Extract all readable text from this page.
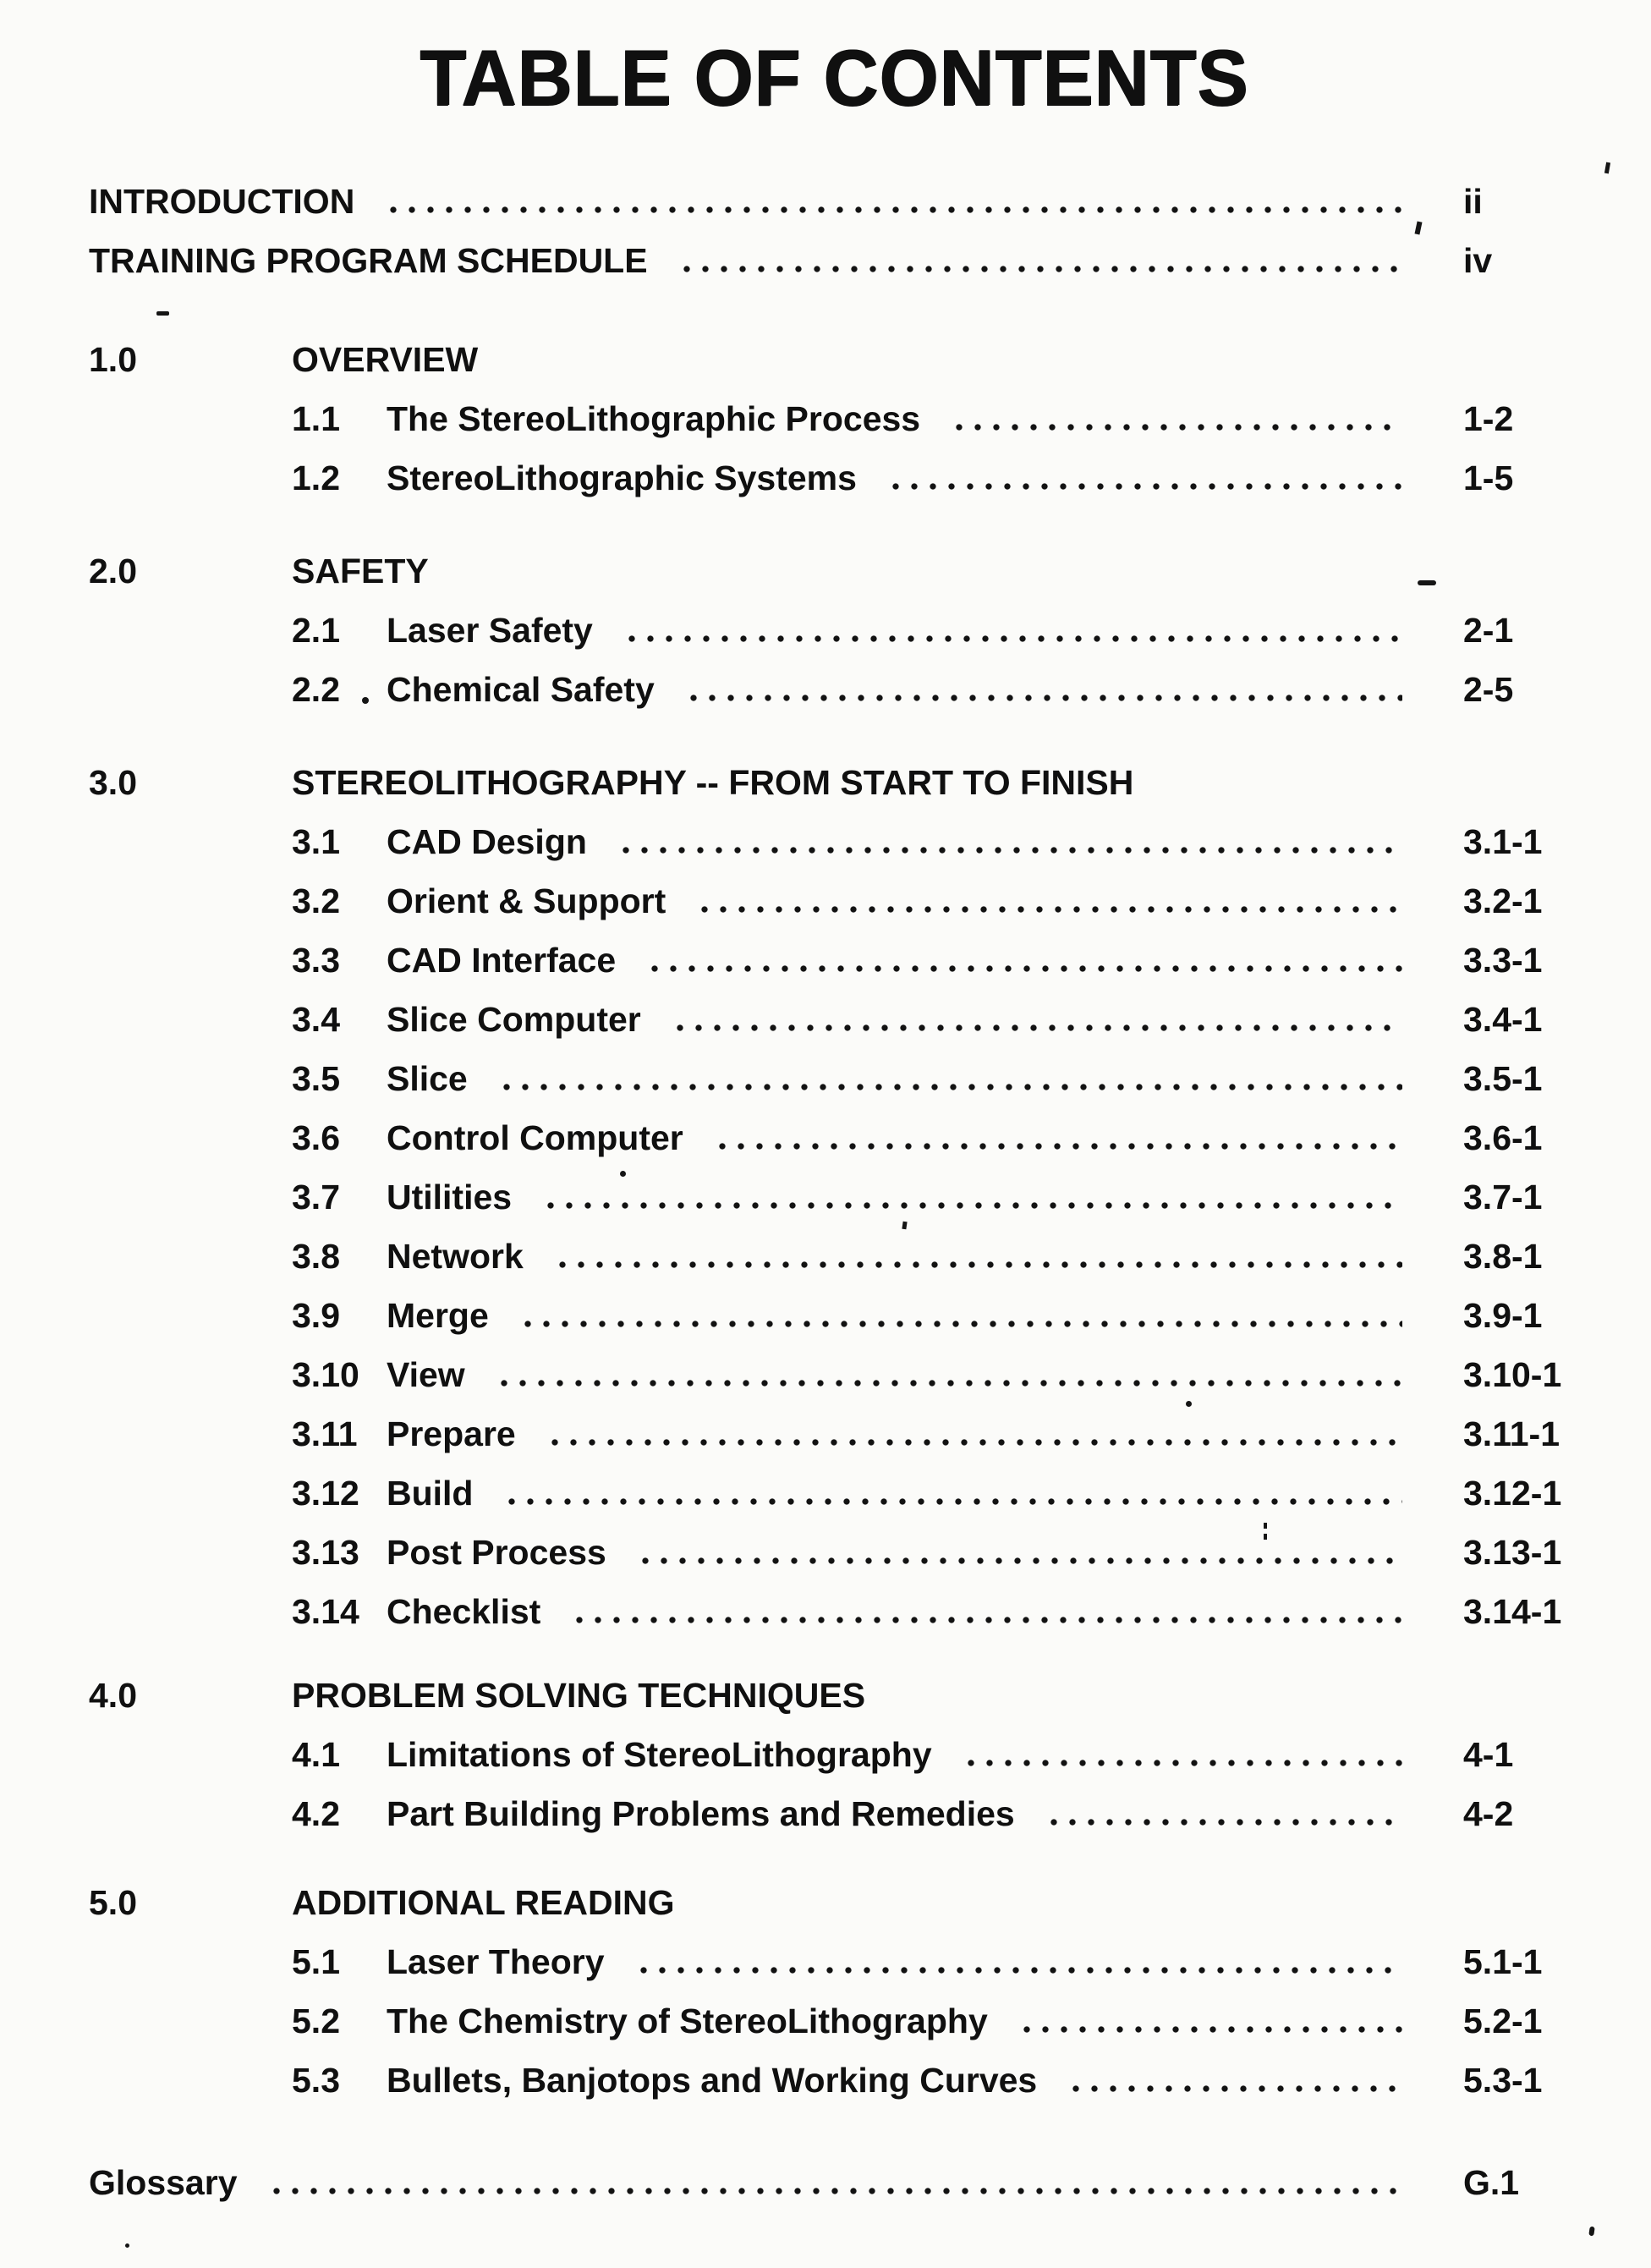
TABLE OF CONTENTS
INTRODUCTION	ii
TRAINING PROGRAM SCHEDULE	iv
1.0	OVERVIEW
1.1	The StereoLithographic Process	1-2
1.2	StereoLithographic Systems	1-5
2.0	SAFETY
2.1	Laser Safety	2-1
2.2	Chemical Safety	2-5
3.0	STEREOLITHOGRAPHY -- FROM START TO FINISH
3.1	CAD Design	3.1-1
3.2	Orient & Support	3.2-1
3.3	CAD Interface	3.3-1
3.4	Slice Computer	3.4-1
3.5	Slice	3.5-1
3.6	Control Computer	3.6-1
3.7	Utilities	3.7-1
3.8	Network	3.8-1
3.9	Merge	3.9-1
3.10 View	3.10-1
3.11 Prepare	3.11-1
3.12 Build	3.12-1
3.13 Post Process	3.13-1
3.14 Checklist	3.14-1
4.0	PROBLEM SOLVING TECHNIQUES
4.1	Limitations of StereoLithography	4-1
4.2	Part Building Problems and Remedies	4-2
5.0	ADDITIONAL READING
5.1	Laser Theory	5.1-1
5.2	The Chemistry of StereoLithography	5.2-1
5.3	Bullets, Banjotops and Working Curves	5.3-1
Glossary	G.1
